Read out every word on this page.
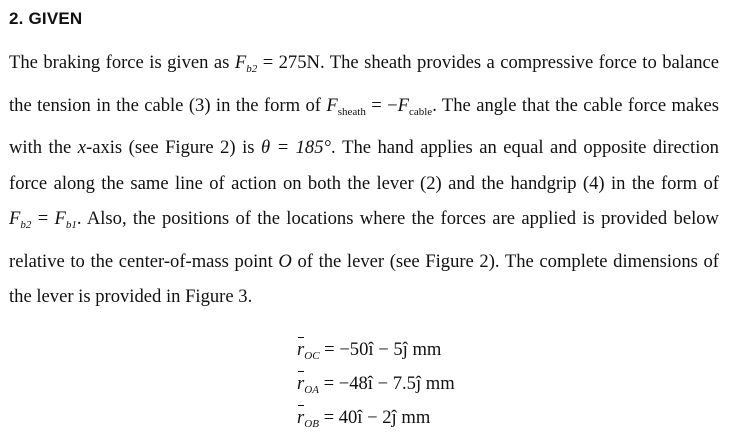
2. GIVEN
The braking force is given as $F_{b2} = 275N$. The sheath provides a compressive force to balance the tension in the cable (3) in the form of $F_{sheath} = -F_{cable}$. The angle that the cable force makes with the x-axis (see Figure 2) is θ = 185°. The hand applies an equal and opposite direction force along the same line of action on both the lever (2) and the handgrip (4) in the form of $F_{b2} = F_{b1}$. Also, the positions of the locations where the forces are applied is provided below relative to the center-of-mass point O of the lever (see Figure 2). The complete dimensions of the lever is provided in Figure 3.
$r_{OC}$ = −50î − 5ĵ mm
$r_{OA}$ = −48î − 7.5ĵ mm
$r_{OB}$ = 40î − 2ĵ mm
